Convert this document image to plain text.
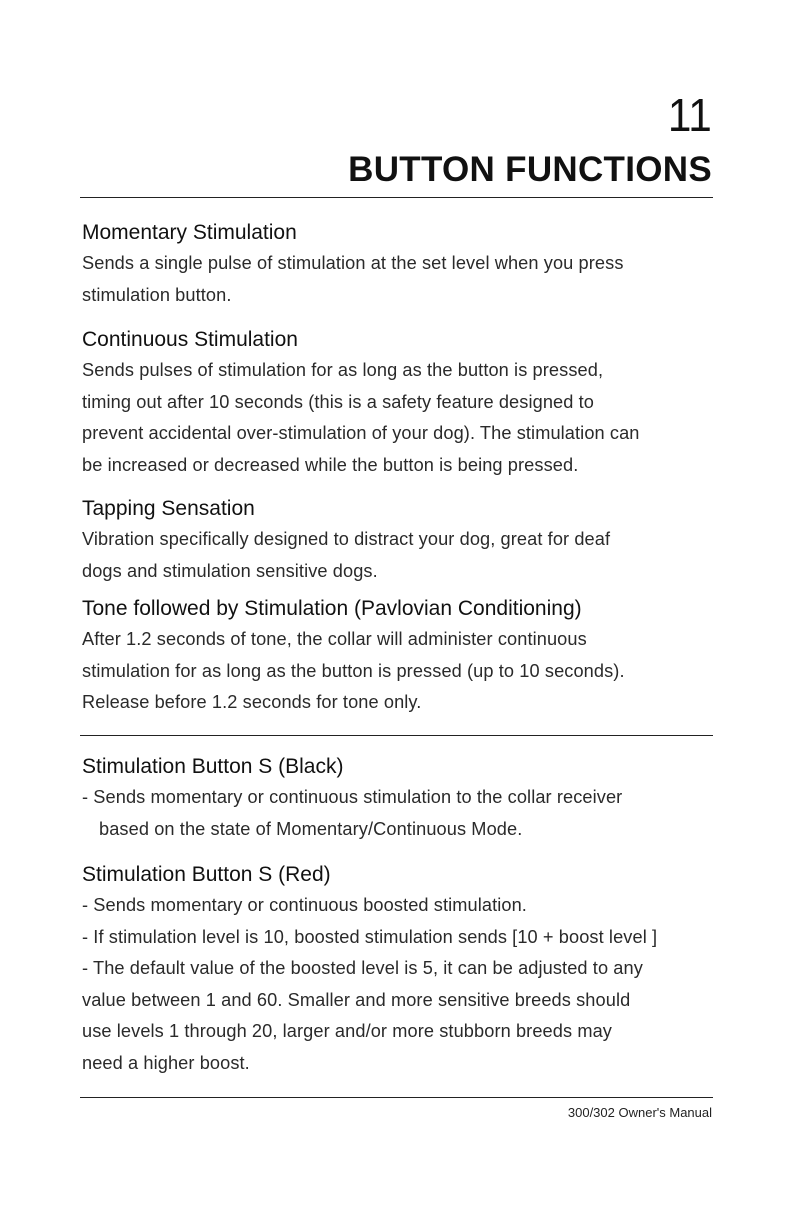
11
BUTTON FUNCTIONS
Momentary Stimulation

Sends a single pulse of stimulation at the set level when you press

stimulation button.

Continuous Stimulation

Sends pulses of stimulation for as long as the button is pressed,

timing out after 10 seconds (this is a safety feature designed to

prevent accidental over-stimulation of your dog). The stimulation can

be increased or decreased while the button is being pressed.

Tapping Sensation

Vibration specifically designed to distract your dog, great for deaf

dogs and stimulation sensitive dogs.

Tone followed by Stimulation (Pavlovian Conditioning)

After 1.2 seconds of tone, the collar will administer continuous

stimulation for as long as the button is pressed (up to 10 seconds).

Release before 1.2 seconds for tone only.

Stimulation Button S (Black)

- Sends momentary or continuous stimulation to the collar receiver

based on the state of Momentary/Continuous Mode.

Stimulation Button S (Red)

- Sends momentary or continuous boosted stimulation.

- If stimulation level is 10, boosted stimulation sends [10 + boost level ]

- The default value of the boosted level is 5, it can be adjusted to any

value between 1 and 60. Smaller and more sensitive breeds should

use levels 1 through 20, larger and/or more stubborn breeds may

need a higher boost.

300/302 Owner's Manual
